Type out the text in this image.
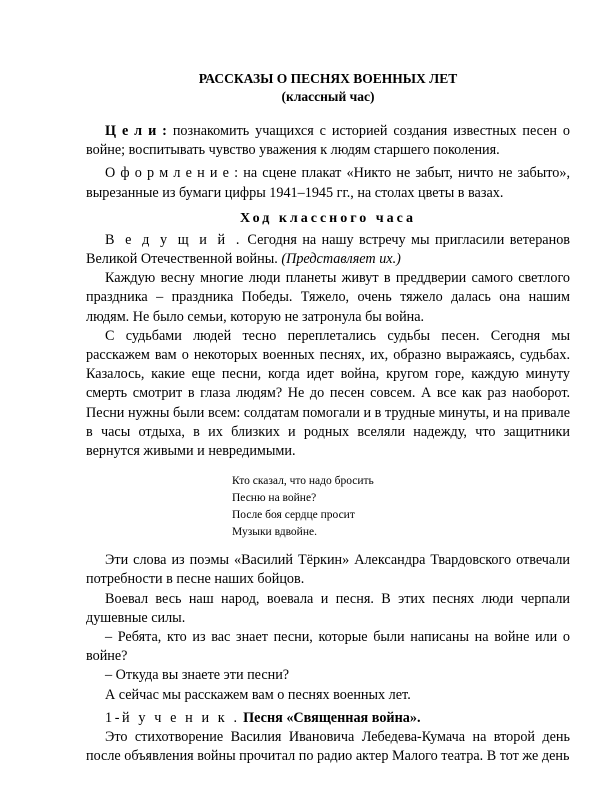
РАССКАЗЫ О ПЕСНЯХ ВОЕННЫХ ЛЕТ

(классный час)

Ц е л и : познакомить учащихся с историей создания известных песен о войне; воспитывать чувство уважения к людям старшего поколения.

О ф о р м л е н и е : на сцене плакат «Никто не забыт, ничто не забыто», вырезанные из бумаги цифры 1941–1945 гг., на столах цветы в вазах.

Ход классного часа

В е д у щ и й . Сегодня на нашу встречу мы пригласили ветеранов Великой Отечественной войны. (Представляет их.)

Каждую весну многие люди планеты живут в преддверии самого светлого праздника – праздника Победы. Тяжело, очень тяжело далась она нашим людям. Не было семьи, которую не затронула бы война.

С судьбами людей тесно переплетались судьбы песен. Сегодня мы расскажем вам о некоторых военных песнях, их, образно выражаясь, судьбах. Казалось, какие еще песни, когда идет война, кругом горе, каждую минуту смерть смотрит в глаза людям? Не до песен совсем. А все как раз наоборот. Песни нужны были всем: солдатам помогали и в трудные минуты, и на привале в часы отдыха, в их близких и родных вселяли надежду, что защитники вернутся живыми и невредимыми.

Кто сказал, что надо бросить
Песню на войне?
После боя сердце просит
Музыки вдвойне.

Эти слова из поэмы «Василий Тёркин» Александра Твардовского отвечали потребности в песне наших бойцов.

Воевал весь наш народ, воевала и песня. В этих песнях люди черпали душевные силы.

– Ребята, кто из вас знает песни, которые были написаны на войне или о войне?

– Откуда вы знаете эти песни?

А сейчас мы расскажем вам о песнях военных лет.

1-й у ч е н и к . Песня «Священная война».

Это стихотворение Василия Ивановича Лебедева-Кумача на второй день после объявления войны прочитал по радио актер Малого театра. В тот же день
